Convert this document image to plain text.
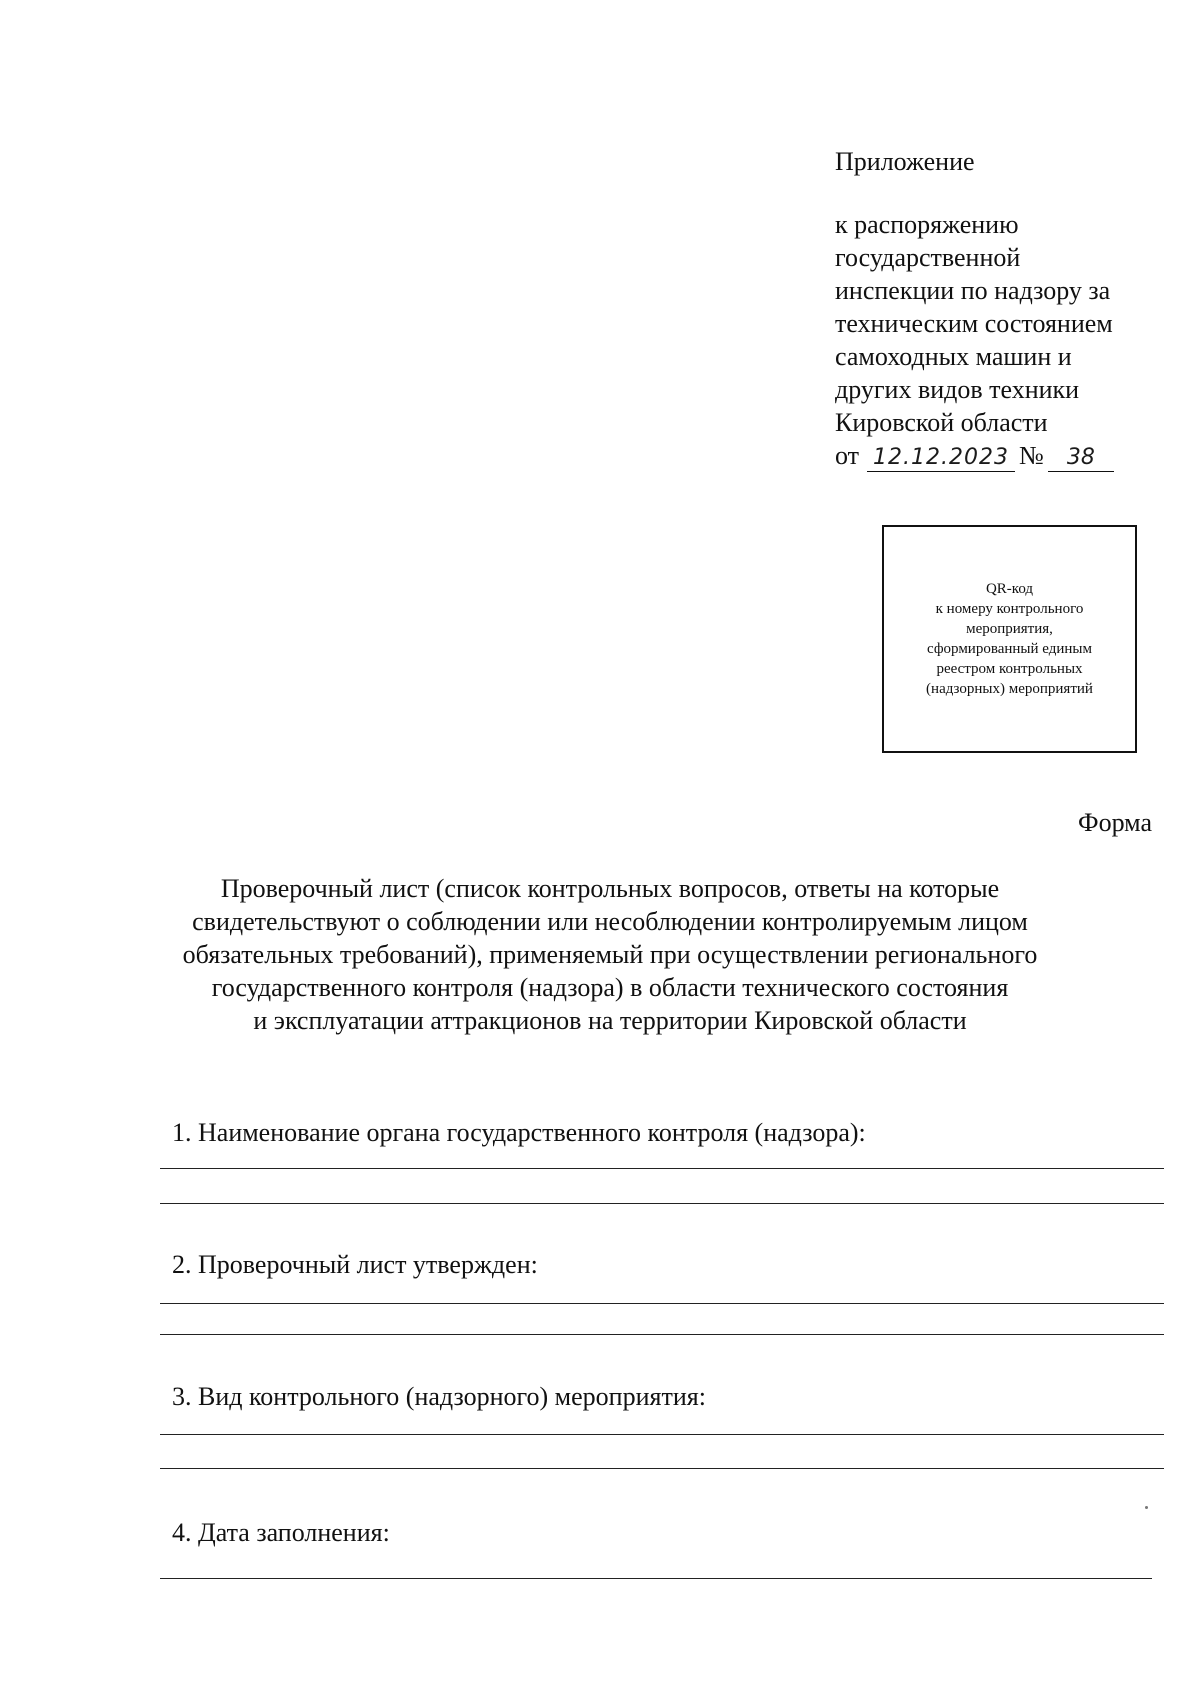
Приложение
к распоряжению
государственной
инспекции по надзору за
техническим состоянием
самоходных машин и
других видов техники
Кировской области
от 12.12.2023 №	38
QR-код
к номеру контрольного
мероприятия,
сформированный единым
реестром контрольных
(надзорных) мероприятий
Форма
Проверочный лист (список контрольных вопросов, ответы на которые
свидетельствуют о соблюдении или несоблюдении контролируемым лицом
обязательных требований), применяемый при осуществлении регионального
государственного контроля (надзора) в области технического состояния
и эксплуатации аттракционов на территории Кировской области
1. Наименование органа государственного контроля (надзора):
2. Проверочный лист утвержден:
3. Вид контрольного (надзорного) мероприятия:
4. Дата заполнения:
